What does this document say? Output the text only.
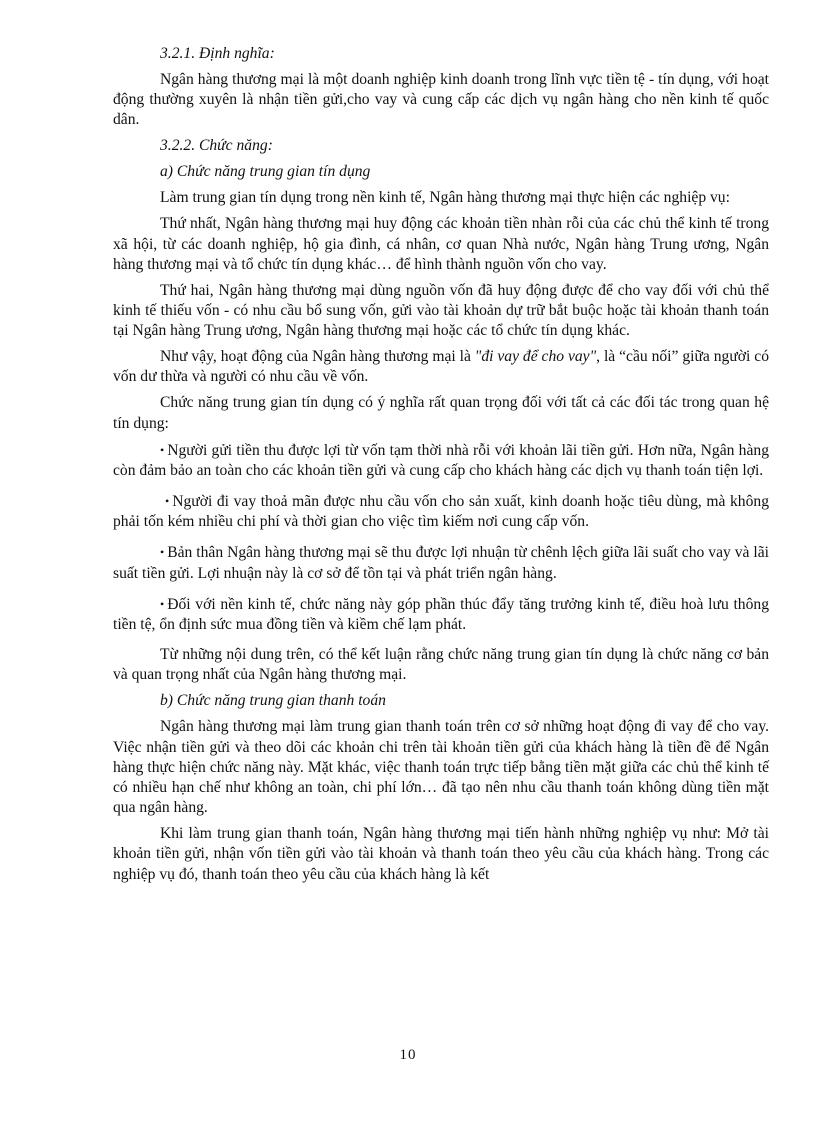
3.2.1. Định nghĩa:

Ngân hàng thương mại là một doanh nghiệp kinh doanh trong lĩnh vực tiền tệ - tín dụng, với hoạt động thường xuyên là nhận tiền gửi,cho vay và cung cấp các dịch vụ ngân hàng cho nền kinh tế quốc dân.

3.2.2. Chức năng:

a) Chức năng trung gian tín dụng

Làm trung gian tín dụng trong nền kinh tế, Ngân hàng thương mại thực hiện các nghiệp vụ:

Thứ nhất, Ngân hàng thương mại huy động các khoản tiền nhàn rỗi của các chủ thể kinh tế trong xã hội, từ các doanh nghiệp, hộ gia đình, cá nhân, cơ quan Nhà nước, Ngân hàng Trung ương, Ngân hàng thương mại và tổ chức tín dụng khác… để hình thành nguồn vốn cho vay.

Thứ hai, Ngân hàng thương mại dùng nguồn vốn đã huy động được để cho vay đối với chủ thể kinh tế thiếu vốn - có nhu cầu bổ sung vốn, gửi vào tài khoản dự trữ bắt buộc hoặc tài khoản thanh toán tại Ngân hàng Trung ương, Ngân hàng thương mại hoặc các tổ chức tín dụng khác.

Như vậy, hoạt động của Ngân hàng thương mại là "đi vay để cho vay", là “cầu nối” giữa người có vốn dư thừa và người có nhu cầu về vốn.

Chức năng trung gian tín dụng có ý nghĩa rất quan trọng đối với tất cả các đối tác trong quan hệ tín dụng:

• Người gửi tiền thu được lợi từ vốn tạm thời nhà rỗi với khoản lãi tiền gửi. Hơn nữa, Ngân hàng còn đảm bảo an toàn cho các khoản tiền gửi và cung cấp cho khách hàng các dịch vụ thanh toán tiện lợi.

• Người đi vay thoả mãn được nhu cầu vốn cho sản xuất, kinh doanh hoặc tiêu dùng, mà không phải tốn kém nhiều chi phí và thời gian cho việc tìm kiếm nơi cung cấp vốn.

• Bản thân Ngân hàng thương mại sẽ thu được lợi nhuận từ chênh lệch giữa lãi suất cho vay và lãi suất tiền gửi. Lợi nhuận này là cơ sở để tồn tại và phát triển ngân hàng.

• Đối với nền kinh tế, chức năng này góp phần thúc đẩy tăng trưởng kinh tế, điều hoà lưu thông tiền tệ, ổn định sức mua đồng tiền và kiềm chế lạm phát.

Từ những nội dung trên, có thể kết luận rằng chức năng trung gian tín dụng là chức năng cơ bản và quan trọng nhất của Ngân hàng thương mại.

b) Chức năng trung gian thanh toán

Ngân hàng thương mại làm trung gian thanh toán trên cơ sở những hoạt động đi vay để cho vay. Việc nhận tiền gửi và theo dõi các khoản chi trên tài khoản tiền gửi của khách hàng là tiền đề để Ngân hàng thực hiện chức năng này. Mặt khác, việc thanh toán trực tiếp bằng tiền mặt giữa các chủ thể kinh tế có nhiều hạn chế như không an toàn, chi phí lớn… đã tạo nên nhu cầu thanh toán không dùng tiền mặt qua ngân hàng.

Khi làm trung gian thanh toán, Ngân hàng thương mại tiến hành những nghiệp vụ như: Mở tài khoản tiền gửi, nhận vốn tiền gửi vào tài khoản và thanh toán theo yêu cầu của khách hàng. Trong các nghiệp vụ đó, thanh toán theo yêu cầu của khách hàng là kết

10
